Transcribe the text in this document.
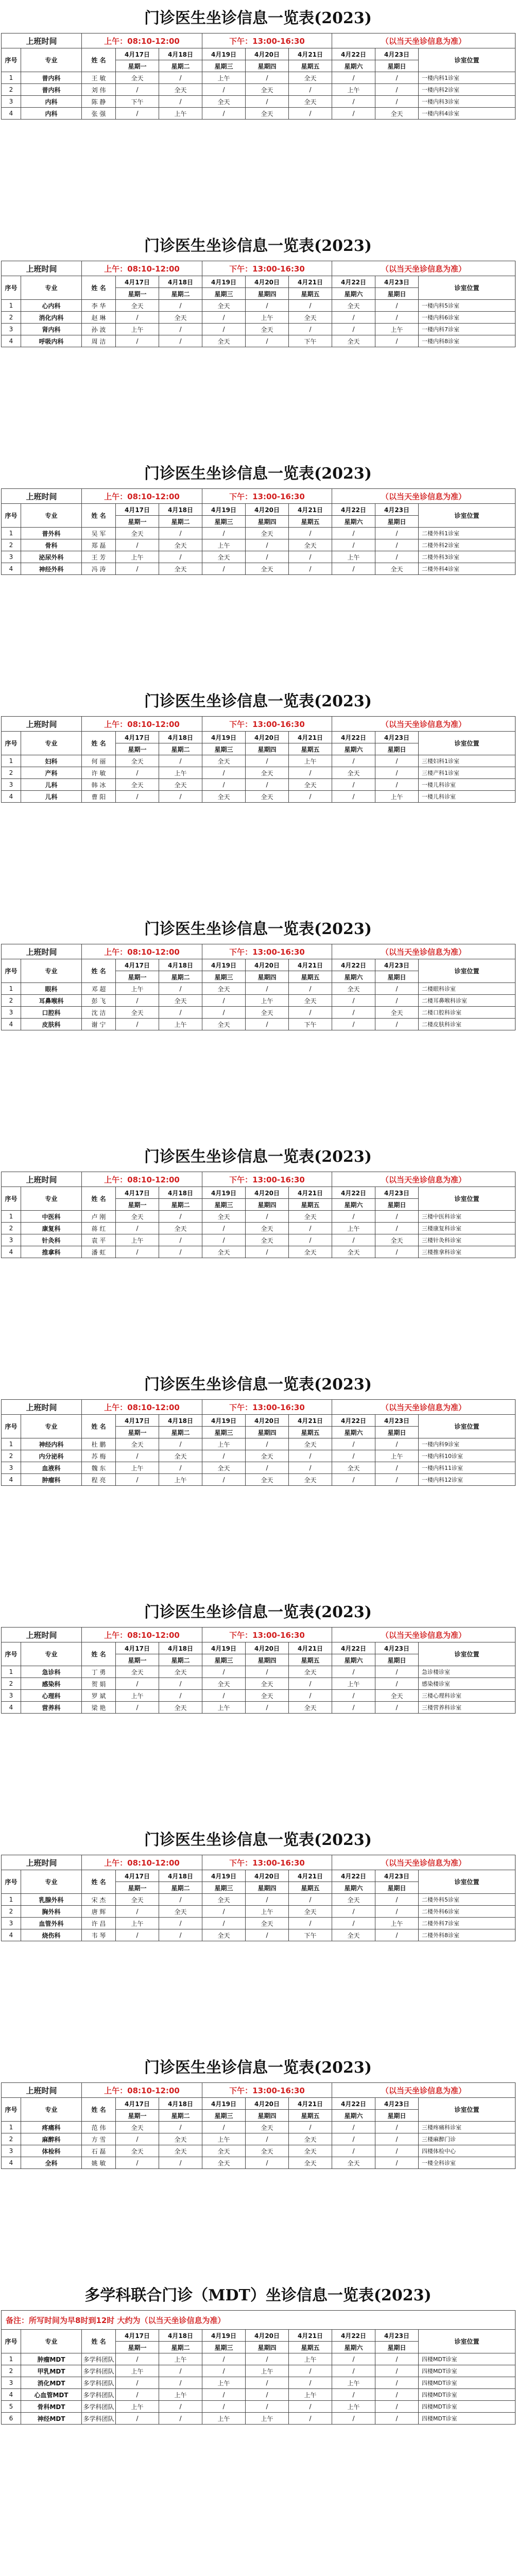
门诊医生坐诊信息一览表(2023)
上班时间		上午：08:10-12:00			下午：13:00-16:30			（以当天坐诊信息为准）		
序号	专业	姓 名	4月17日	4月18日	4月19日	4月20日	4月21日	4月22日	4月23日	诊室位置
			星期一	星期二	星期三	星期四	星期五	星期六	星期日	
1	普内科	王 敏	全天	/	上午	/	全天	/	/	一楼内科1诊室
2	普内科	刘 伟	/	全天	/	全天	/	上午	/	一楼内科2诊室
3	内科	陈 静	下午	/	全天	/	全天	/	/	一楼内科3诊室
4	内科	张 强	/	上午	/	全天	/	/	全天	一楼内科4诊室
门诊医生坐诊信息一览表(2023)
上班时间		上午：08:10-12:00			下午：13:00-16:30			（以当天坐诊信息为准）		
序号	专业	姓 名	4月17日	4月18日	4月19日	4月20日	4月21日	4月22日	4月23日	诊室位置
			星期一	星期二	星期三	星期四	星期五	星期六	星期日	
1	心内科	李 华	全天	/	全天	/	/	全天	/	一楼内科5诊室
2	消化内科	赵 琳	/	全天	/	上午	全天	/	/	一楼内科6诊室
3	肾内科	孙 波	上午	/	/	全天	/	/	上午	一楼内科7诊室
4	呼吸内科	周 洁	/	/	全天	/	下午	全天	/	一楼内科8诊室
门诊医生坐诊信息一览表(2023)
上班时间		上午：08:10-12:00			下午：13:00-16:30			（以当天坐诊信息为准）		
序号	专业	姓 名	4月17日	4月18日	4月19日	4月20日	4月21日	4月22日	4月23日	诊室位置
			星期一	星期二	星期三	星期四	星期五	星期六	星期日	
1	普外科	吴 军	全天	/	/	全天	/	/	/	二楼外科1诊室
2	骨科	郑 磊	/	全天	上午	/	全天	/	/	二楼外科2诊室
3	泌尿外科	王 芳	上午	/	全天	/	/	上午	/	二楼外科3诊室
4	神经外科	冯 涛	/	全天	/	全天	/	/	全天	二楼外科4诊室
门诊医生坐诊信息一览表(2023)
上班时间		上午：08:10-12:00			下午：13:00-16:30			（以当天坐诊信息为准）		
序号	专业	姓 名	4月17日	4月18日	4月19日	4月20日	4月21日	4月22日	4月23日	诊室位置
			星期一	星期二	星期三	星期四	星期五	星期六	星期日	
1	妇科	何 丽	全天	/	全天	/	上午	/	/	三楼妇科1诊室
2	产科	许 敏	/	上午	/	全天	/	全天	/	三楼产科1诊室
3	儿科	韩 冰	全天	全天	/	/	全天	/	/	一楼儿科诊室
4	儿科	曹 阳	/	/	全天	全天	/	/	上午	一楼儿科诊室
门诊医生坐诊信息一览表(2023)
上班时间		上午：08:10-12:00			下午：13:00-16:30			（以当天坐诊信息为准）		
序号	专业	姓 名	4月17日	4月18日	4月19日	4月20日	4月21日	4月22日	4月23日	诊室位置
			星期一	星期二	星期三	星期四	星期五	星期六	星期日	
1	眼科	邓 超	上午	/	全天	/	/	全天	/	二楼眼科诊室
2	耳鼻喉科	彭 飞	/	全天	/	上午	全天	/	/	二楼耳鼻喉科诊室
3	口腔科	沈 洁	全天	/	/	全天	/	/	全天	二楼口腔科诊室
4	皮肤科	谢 宁	/	上午	全天	/	下午	/	/	二楼皮肤科诊室
门诊医生坐诊信息一览表(2023)
上班时间		上午：08:10-12:00			下午：13:00-16:30			（以当天坐诊信息为准）		
序号	专业	姓 名	4月17日	4月18日	4月19日	4月20日	4月21日	4月22日	4月23日	诊室位置
			星期一	星期二	星期三	星期四	星期五	星期六	星期日	
1	中医科	卢 刚	全天	/	全天	/	全天	/	/	三楼中医科诊室
2	康复科	蒋 红	/	全天	/	全天	/	上午	/	三楼康复科诊室
3	针灸科	袁 平	上午	/	/	全天	/	/	全天	三楼针灸科诊室
4	推拿科	潘 虹	/	/	全天	/	全天	全天	/	三楼推拿科诊室
门诊医生坐诊信息一览表(2023)
上班时间		上午：08:10-12:00			下午：13:00-16:30			（以当天坐诊信息为准）		
序号	专业	姓 名	4月17日	4月18日	4月19日	4月20日	4月21日	4月22日	4月23日	诊室位置
			星期一	星期二	星期三	星期四	星期五	星期六	星期日	
1	神经内科	杜 鹏	全天	/	上午	/	全天	/	/	一楼内科9诊室
2	内分泌科	苏 梅	/	全天	/	全天	/	/	上午	一楼内科10诊室
3	血液科	魏 东	上午	/	全天	/	/	全天	/	一楼内科11诊室
4	肿瘤科	程 亮	/	上午	/	全天	全天	/	/	一楼内科12诊室
门诊医生坐诊信息一览表(2023)
上班时间		上午：08:10-12:00			下午：13:00-16:30			（以当天坐诊信息为准）		
序号	专业	姓 名	4月17日	4月18日	4月19日	4月20日	4月21日	4月22日	4月23日	诊室位置
			星期一	星期二	星期三	星期四	星期五	星期六	星期日	
1	急诊科	丁 勇	全天	全天	/	/	全天	/	/	急诊楼诊室
2	感染科	贺 娟	/	/	全天	全天	/	上午	/	感染楼诊室
3	心理科	罗 斌	上午	/	/	全天	/	/	全天	三楼心理科诊室
4	营养科	梁 艳	/	全天	上午	/	全天	/	/	三楼营养科诊室
门诊医生坐诊信息一览表(2023)
上班时间		上午：08:10-12:00			下午：13:00-16:30			（以当天坐诊信息为准）		
序号	专业	姓 名	4月17日	4月18日	4月19日	4月20日	4月21日	4月22日	4月23日	诊室位置
			星期一	星期二	星期三	星期四	星期五	星期六	星期日	
1	乳腺外科	宋 杰	全天	/	全天	/	/	全天	/	二楼外科5诊室
2	胸外科	唐 辉	/	全天	/	上午	全天	/	/	二楼外科6诊室
3	血管外科	许 昌	上午	/	/	全天	/	/	上午	二楼外科7诊室
4	烧伤科	韦 琴	/	/	全天	/	下午	全天	/	二楼外科8诊室
门诊医生坐诊信息一览表(2023)
上班时间		上午：08:10-12:00			下午：13:00-16:30			（以当天坐诊信息为准）		
序号	专业	姓 名	4月17日	4月18日	4月19日	4月20日	4月21日	4月22日	4月23日	诊室位置
			星期一	星期二	星期三	星期四	星期五	星期六	星期日	
1	疼痛科	范 伟	全天	/	/	全天	/	/	/	三楼疼痛科诊室
2	麻醉科	方 雪	/	全天	上午	/	全天	/	/	三楼麻醉门诊
3	体检科	石 磊	全天	全天	全天	全天	全天	/	/	四楼体检中心
4	全科	姚 敏	/	/	全天	/	全天	全天	/	一楼全科诊室
多学科联合门诊（MDT）坐诊信息一览表(2023)
备注：所写时间为早8时到12时 大约为（以当天坐诊信息为准）										
序号	专业	姓 名	4月17日	4月18日	4月19日	4月20日	4月21日	4月22日	4月23日	诊室位置
			星期一	星期二	星期三	星期四	星期五	星期六	星期日	
1	肿瘤MDT	多学科团队	/	上午	/	/	上午	/	/	四楼MDT诊室
2	甲乳MDT	多学科团队	上午	/	/	上午	/	/	/	四楼MDT诊室
3	消化MDT	多学科团队	/	/	上午	/	/	上午	/	四楼MDT诊室
4	心血管MDT	多学科团队	/	上午	/	/	上午	/	/	四楼MDT诊室
5	骨科MDT	多学科团队	上午	/	/	/	/	上午	/	四楼MDT诊室
6	神经MDT	多学科团队	/	/	上午	上午	/	/	/	四楼MDT诊室
